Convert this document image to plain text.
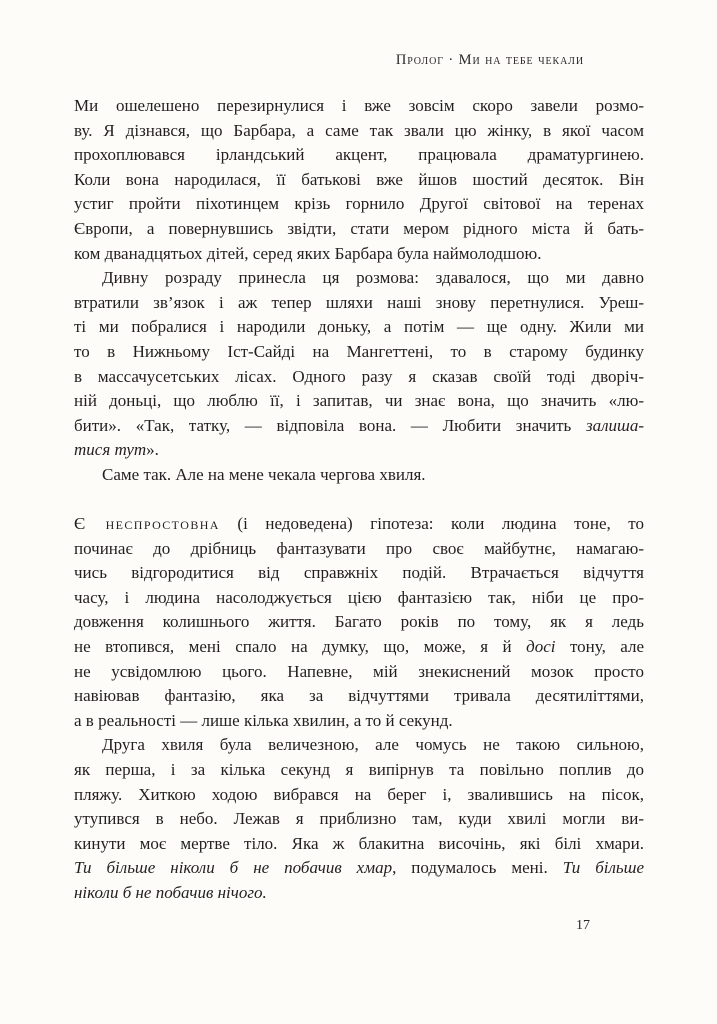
Пролог · Ми на тебе чекали
Ми ошелешено перезирнулися і вже зовсім скоро завели розмо-
ву. Я дізнався, що Барбара, а саме так звали цю жінку, в якої часом
прохоплювався ірландський акцент, працювала драматургинею.
Коли вона народилася, її батькові вже йшов шостий десяток. Він
устиг пройти піхотинцем крізь горнило Другої світової на теренах
Європи, а повернувшись звідти, стати мером рідного міста й бать-
ком дванадцятьох дітей, серед яких Барбара була наймолодшою.
Дивну розраду принесла ця розмова: здавалося, що ми давно
втратили зв’язок і аж тепер шляхи наші знову перетнулися. Уреш-
ті ми побралися і народили доньку, а потім — ще одну. Жили ми
то в Нижньому Іст-Сайді на Мангеттені, то в старому будинку
в массачусетських лісах. Одного разу я сказав своїй тоді дворіч-
ній доньці, що люблю її, і запитав, чи знає вона, що значить «лю-
бити». «Так, татку, — відповіла вона. — Любити значить залиша-
тися тут».
Саме так. Але на мене чекала чергова хвиля.
Є неспростовна (і недоведена) гіпотеза: коли людина тоне, то
починає до дрібниць фантазувати про своє майбутнє, намагаю-
чись відгородитися від справжніх подій. Втрачається відчуття
часу, і людина насолоджується цією фантазією так, ніби це про-
довження колишнього життя. Багато років по тому, як я ледь
не втопився, мені спало на думку, що, може, я й досі тону, але
не усвідомлюю цього. Напевне, мій знекиснений мозок просто
навіював фантазію, яка за відчуттями тривала десятиліттями,
а в реальності — лише кілька хвилин, а то й секунд.
Друга хвиля була величезною, але чомусь не такою сильною,
як перша, і за кілька секунд я випірнув та повільно поплив до
пляжу. Хиткою ходою вибрався на берег і, звалившись на пісок,
утупився в небо. Лежав я приблизно там, куди хвилі могли ви-
кинути моє мертве тіло. Яка ж блакитна височінь, які білі хмари.
Ти більше ніколи б не побачив хмар, подумалось мені. Ти більше
ніколи б не побачив нічого.
17
